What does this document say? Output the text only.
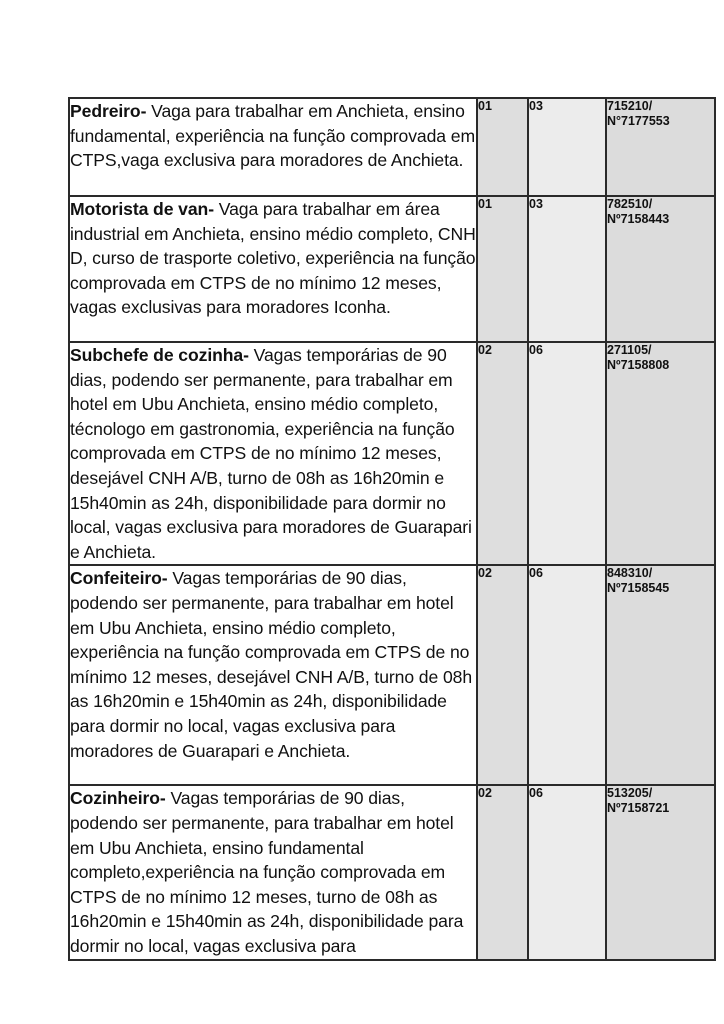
Pedreiro- Vaga para trabalhar em Anchieta, ensino fundamental, experiência na função comprovada em CTPS,vaga exclusiva para moradores de Anchieta.	01	03	715210/
N°7177553

Motorista de van- Vaga para trabalhar em área industrial em Anchieta, ensino médio completo, CNH D, curso de trasporte coletivo, experiência na função comprovada em CTPS de no mínimo 12 meses, vagas exclusivas para moradores Iconha.	01	03	782510/
Nº7158443

Subchefe de cozinha- Vagas temporárias de 90 dias, podendo ser permanente, para trabalhar em hotel em Ubu Anchieta, ensino médio completo, técnologo em gastronomia, experiência na função comprovada em CTPS de no mínimo 12 meses, desejável CNH A/B, turno de 08h as 16h20min e 15h40min as 24h, disponibilidade para dormir no local, vagas exclusiva para moradores de Guarapari e Anchieta.	02	06	271105/
Nº7158808

Confeiteiro- Vagas temporárias de 90 dias, podendo ser permanente, para trabalhar em hotel em Ubu Anchieta, ensino médio completo, experiência na função comprovada em CTPS de no mínimo 12 meses, desejável CNH A/B, turno de 08h as 16h20min e 15h40min as 24h, disponibilidade para dormir no local, vagas exclusiva para moradores de Guarapari e Anchieta.	02	06	848310/
Nº7158545

Cozinheiro- Vagas temporárias de 90 dias, podendo ser permanente, para trabalhar em hotel em Ubu Anchieta, ensino fundamental completo,experiência na função comprovada em CTPS de no mínimo 12 meses, turno de 08h as 16h20min e 15h40min as 24h, disponibilidade para dormir no local, vagas exclusiva para	02	06	513205/
Nº7158721
